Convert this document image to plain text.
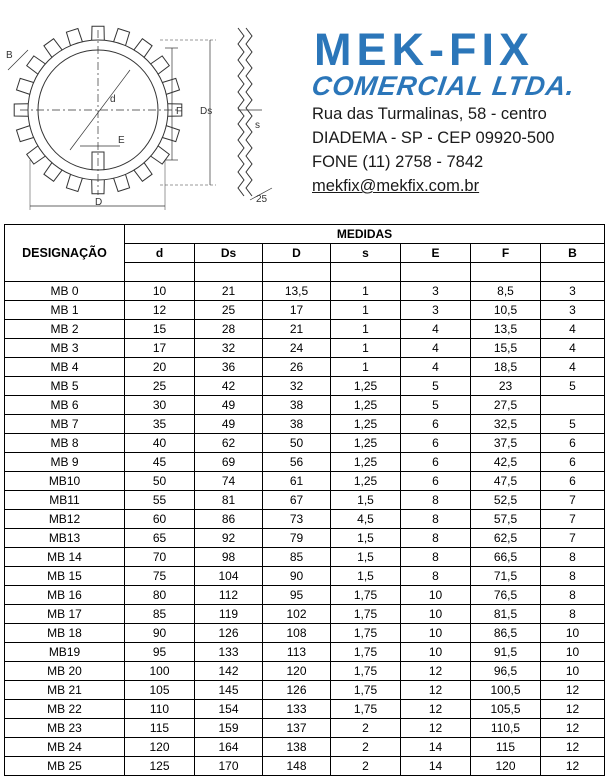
B
d
F Ds
E
D
s
25
MEK-FIX
COMERCIAL LTDA.
Rua das Turmalinas, 58 - centro
DIADEMA - SP - CEP 09920-500
FONE (11) 2758 - 7842
mekfix@mekfix.com.br
DESIGNAÇÃO	MEDIDAS						
	d	Ds	D	s	E	F	B

MB 0	10	21	13,5	1	3	8,5	3
MB 1	12	25	17	1	3	10,5	3
MB 2	15	28	21	1	4	13,5	4
MB 3	17	32	24	1	4	15,5	4
MB 4	20	36	26	1	4	18,5	4
MB 5	25	42	32	1,25	5	23	5
MB 6	30	49	38	1,25	5	27,5	
MB 7	35	49	38	1,25	6	32,5	5
MB 8	40	62	50	1,25	6	37,5	6
MB 9	45	69	56	1,25	6	42,5	6
MB10	50	74	61	1,25	6	47,5	6
MB11	55	81	67	1,5	8	52,5	7
MB12	60	86	73	4,5	8	57,5	7
MB13	65	92	79	1,5	8	62,5	7
MB 14	70	98	85	1,5	8	66,5	8
MB 15	75	104	90	1,5	8	71,5	8
MB 16	80	112	95	1,75	10	76,5	8
MB 17	85	119	102	1,75	10	81,5	8
MB 18	90	126	108	1,75	10	86,5	10
MB19	95	133	113	1,75	10	91,5	10
MB 20	100	142	120	1,75	12	96,5	10
MB 21	105	145	126	1,75	12	100,5	12
MB 22	110	154	133	1,75	12	105,5	12
MB 23	115	159	137	2	12	110,5	12
MB 24	120	164	138	2	14	115	12
MB 25	125	170	148	2	14	120	12
